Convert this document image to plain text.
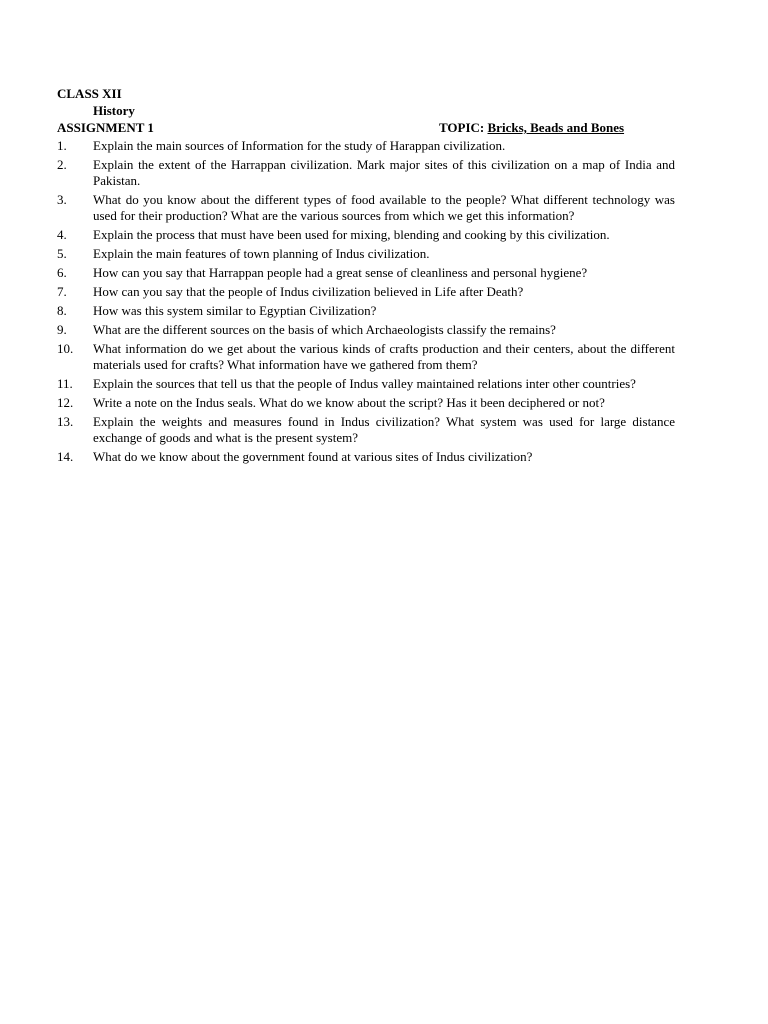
CLASS XII
History
ASSIGNMENT 1	TOPIC: Bricks, Beads and Bones
1. Explain the main sources of Information for the study of Harappan civilization.
2. Explain the extent of the Harrappan civilization. Mark major sites of this civilization on a map of India and Pakistan.
3. What do you know about the different types of food available to the people? What different technology was used for their production? What are the various sources from which we get this information?
4. Explain the process that must have been used for mixing, blending and cooking by this civilization.
5. Explain the main features of town planning of Indus civilization.
6. How can you say that Harrappan people had a great sense of cleanliness and personal hygiene?
7. How can you say that the people of Indus civilization believed in Life after Death?
8. How was this system similar to Egyptian Civilization?
9. What are the different sources on the basis of which Archaeologists classify the remains?
10. What information do we get about the various kinds of crafts production and their centers, about the different materials used for crafts? What information have we gathered from them?
11. Explain the sources that tell us that the people of Indus valley maintained relations inter other countries?
12. Write a note on the Indus seals. What do we know about the script? Has it been deciphered or not?
13. Explain the weights and measures found in Indus civilization? What system was used for large distance exchange of goods and what is the present system?
14. What do we know about the government found at various sites of Indus civilization?
